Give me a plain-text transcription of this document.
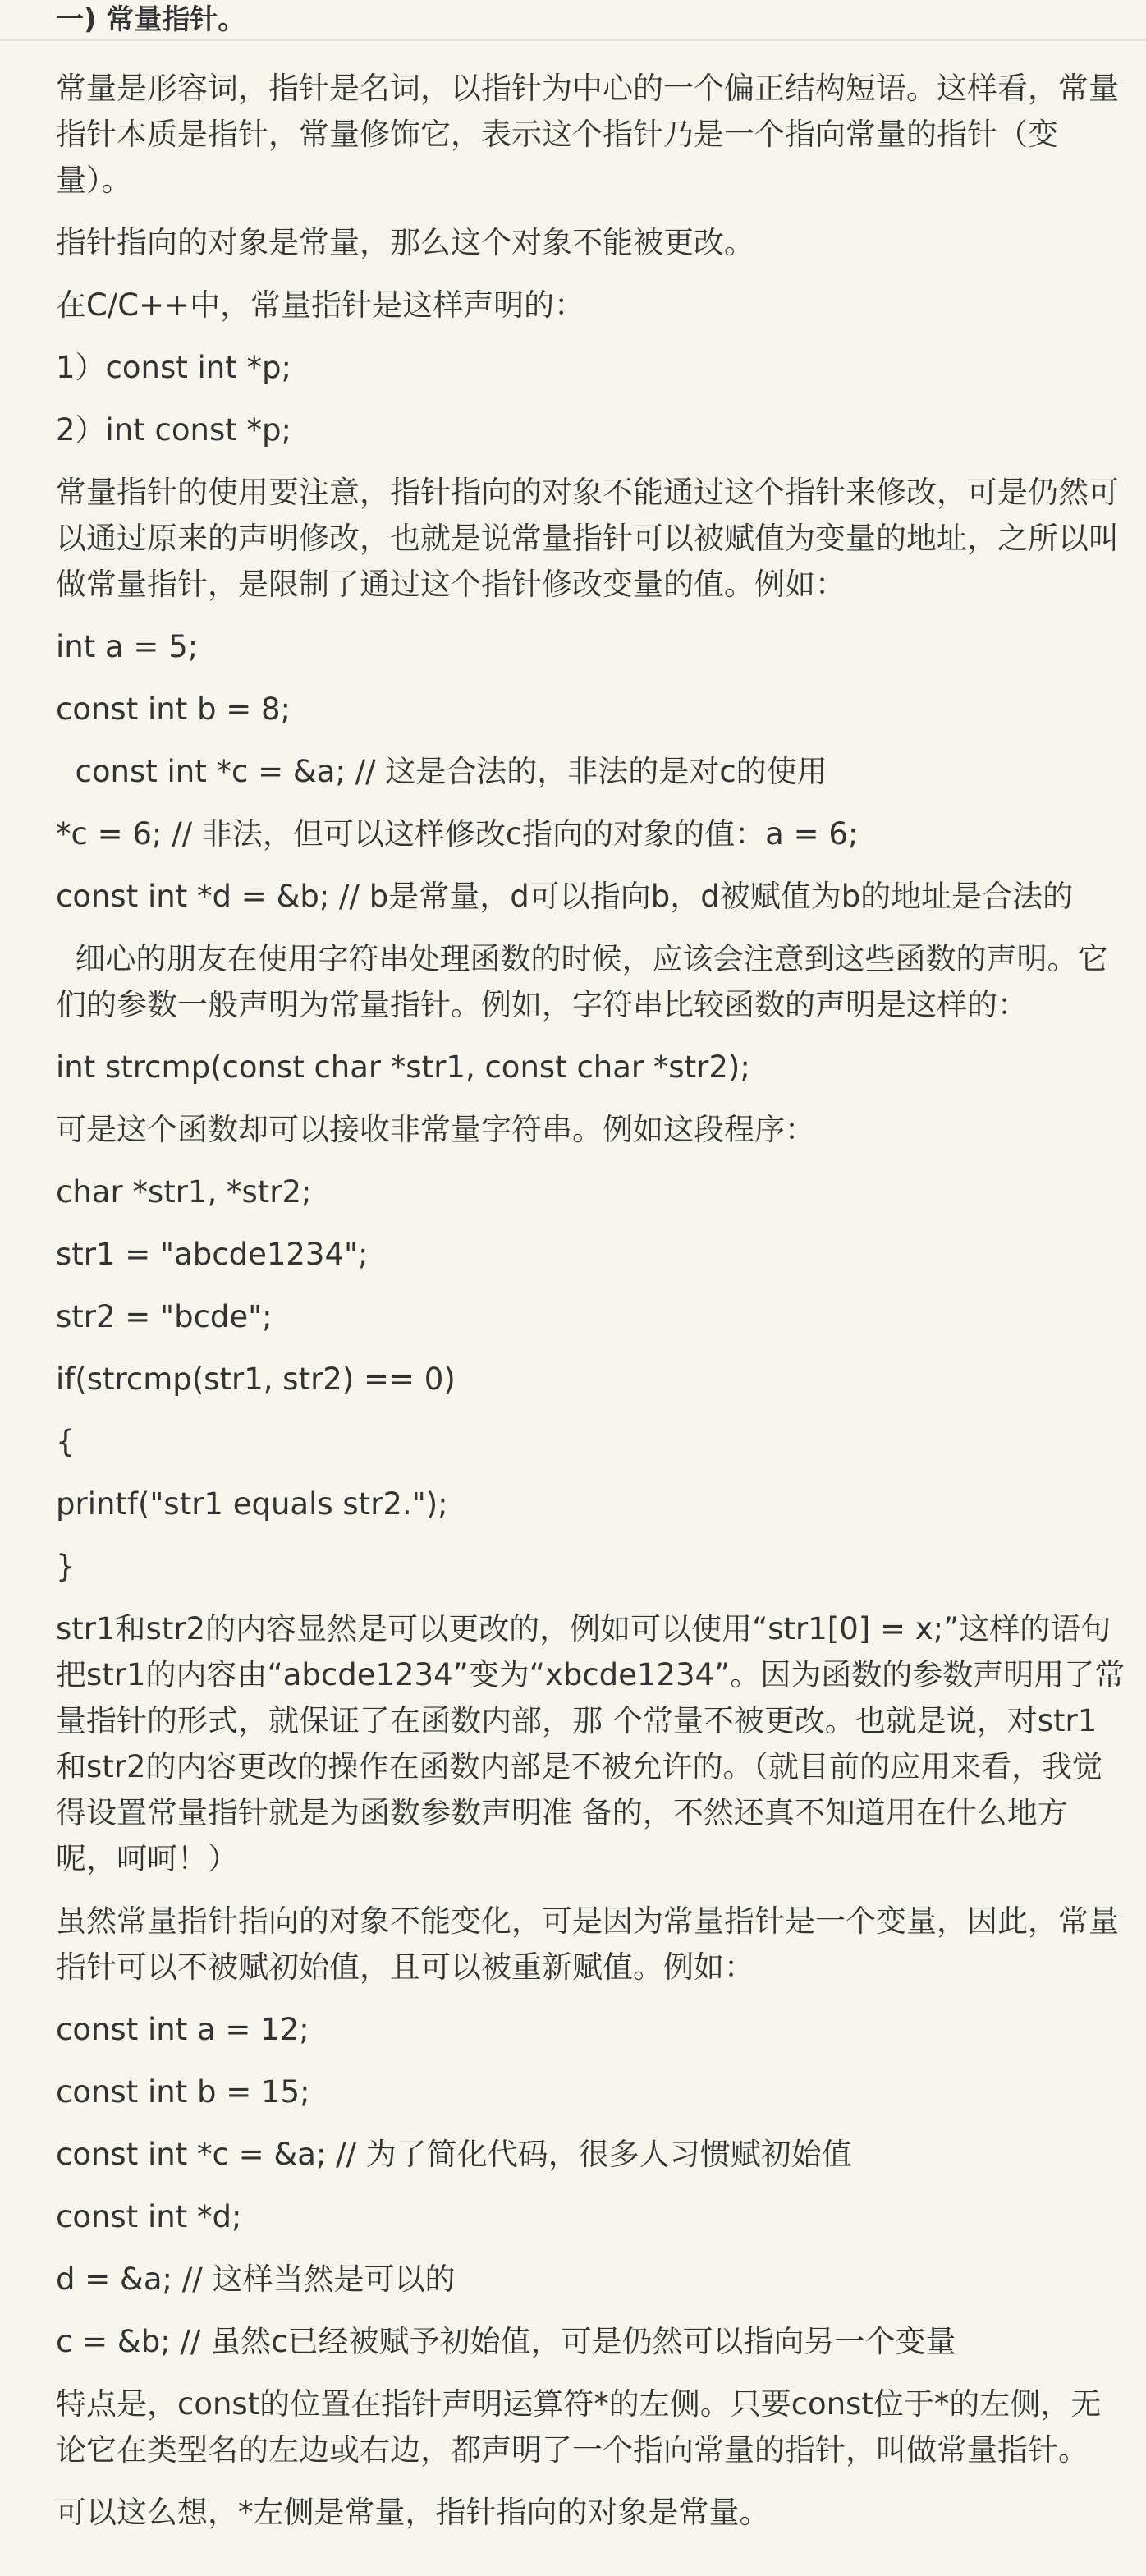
一) 常量指针。

常量是形容词，指针是名词，以指针为中心的一个偏正结构短语。这样看，常量指针本质是指针，常量修饰它，表示这个指针乃是一个指向常量的指针（变量）。

指针指向的对象是常量，那么这个对象不能被更改。

在C/C++中，常量指针是这样声明的：

1）const int *p;

2）int const *p;

常量指针的使用要注意，指针指向的对象不能通过这个指针来修改，可是仍然可以通过原来的声明修改，也就是说常量指针可以被赋值为变量的地址，之所以叫做常量指针，是限制了通过这个指针修改变量的值。例如：

int a = 5;

const int b = 8;

const int *c = &a; // 这是合法的，非法的是对c的使用

*c = 6; // 非法，但可以这样修改c指向的对象的值：a = 6;

const int *d = &b; // b是常量，d可以指向b，d被赋值为b的地址是合法的

细心的朋友在使用字符串处理函数的时候，应该会注意到这些函数的声明。它们的参数一般声明为常量指针。例如，字符串比较函数的声明是这样的：

int strcmp(const char *str1, const char *str2);

可是这个函数却可以接收非常量字符串。例如这段程序：

char *str1, *str2;

str1 = "abcde1234";

str2 = "bcde";

if(strcmp(str1, str2) == 0)

{

printf("str1 equals str2.");

}

str1和str2的内容显然是可以更改的，例如可以使用“str1[0] = x;”这样的语句把str1的内容由“abcde1234”变为“xbcde1234”。因为函数的参数声明用了常量指针的形式，就保证了在函数内部，那 个常量不被更改。也就是说，对str1和str2的内容更改的操作在函数内部是不被允许的。（就目前的应用来看，我觉得设置常量指针就是为函数参数声明准 备的，不然还真不知道用在什么地方呢，呵呵！）

虽然常量指针指向的对象不能变化，可是因为常量指针是一个变量，因此，常量指针可以不被赋初始值，且可以被重新赋值。例如：

const int a = 12;

const int b = 15;

const int *c = &a; // 为了简化代码，很多人习惯赋初始值

const int *d;

d = &a; // 这样当然是可以的

c = &b; // 虽然c已经被赋予初始值，可是仍然可以指向另一个变量

特点是，const的位置在指针声明运算符*的左侧。只要const位于*的左侧，无论它在类型名的左边或右边，都声明了一个指向常量的指针，叫做常量指针。

可以这么想，*左侧是常量，指针指向的对象是常量。
